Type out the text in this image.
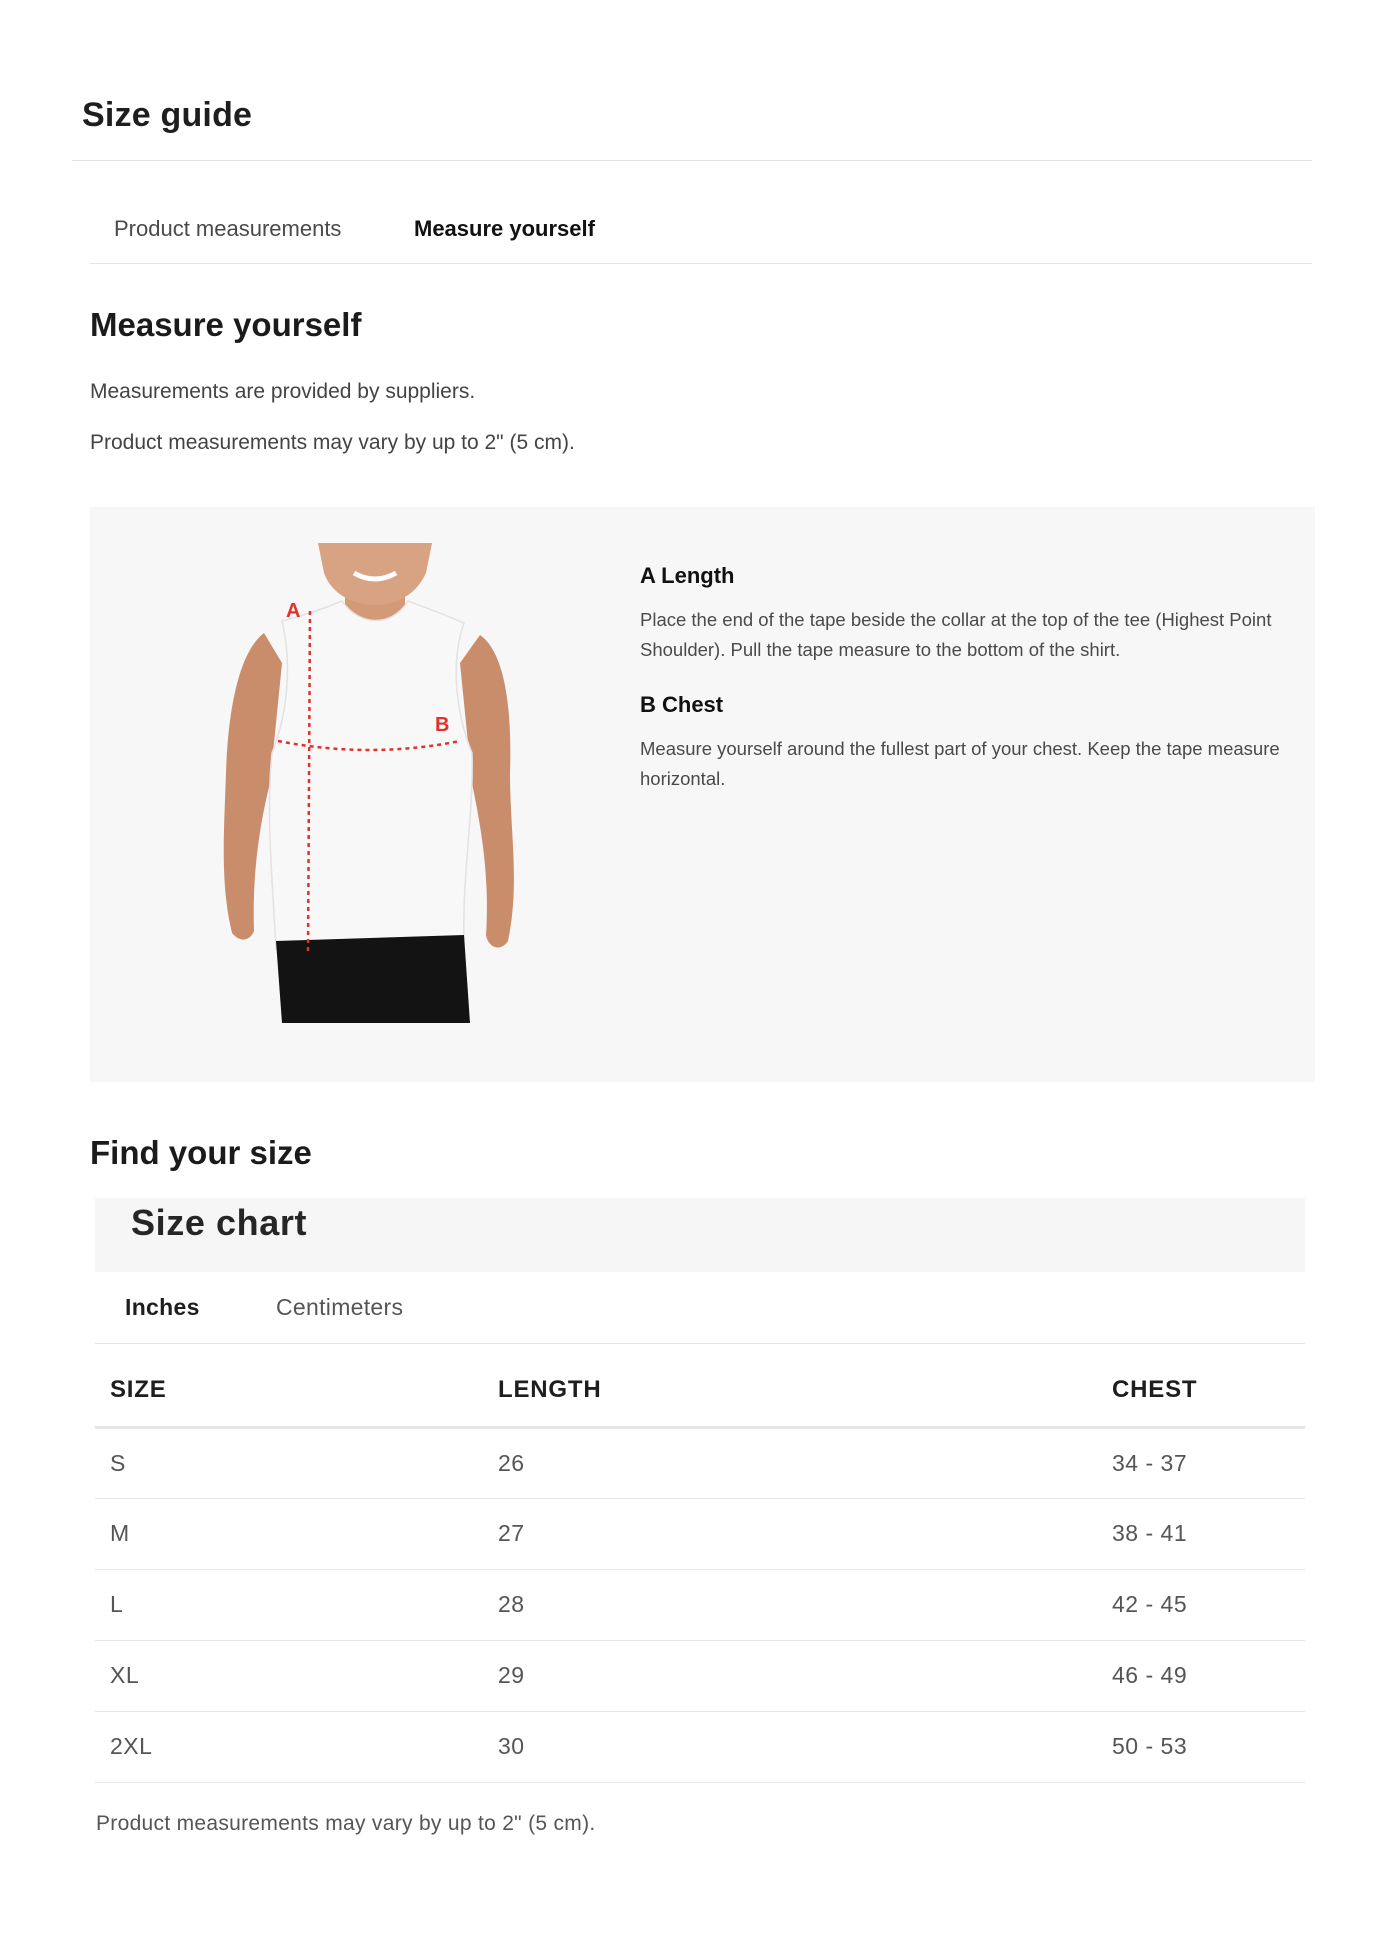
Size guide
Product measurements	Measure yourself
Measure yourself

Measurements are provided by suppliers.

Product measurements may vary by up to 2" (5 cm).

A
B
A Length
Place the end of the tape beside the collar at the top of the tee (Highest Point Shoulder). Pull the tape measure to the bottom of the shirt.
B Chest
Measure yourself around the fullest part of your chest. Keep the tape measure horizontal.
Find your size
Size chart
Inches	Centimeters
SIZE	LENGTH	CHEST
S	26	34 - 37
M	27	38 - 41
L	28	42 - 45
XL	29	46 - 49
2XL	30	50 - 53

Product measurements may vary by up to 2" (5 cm).
